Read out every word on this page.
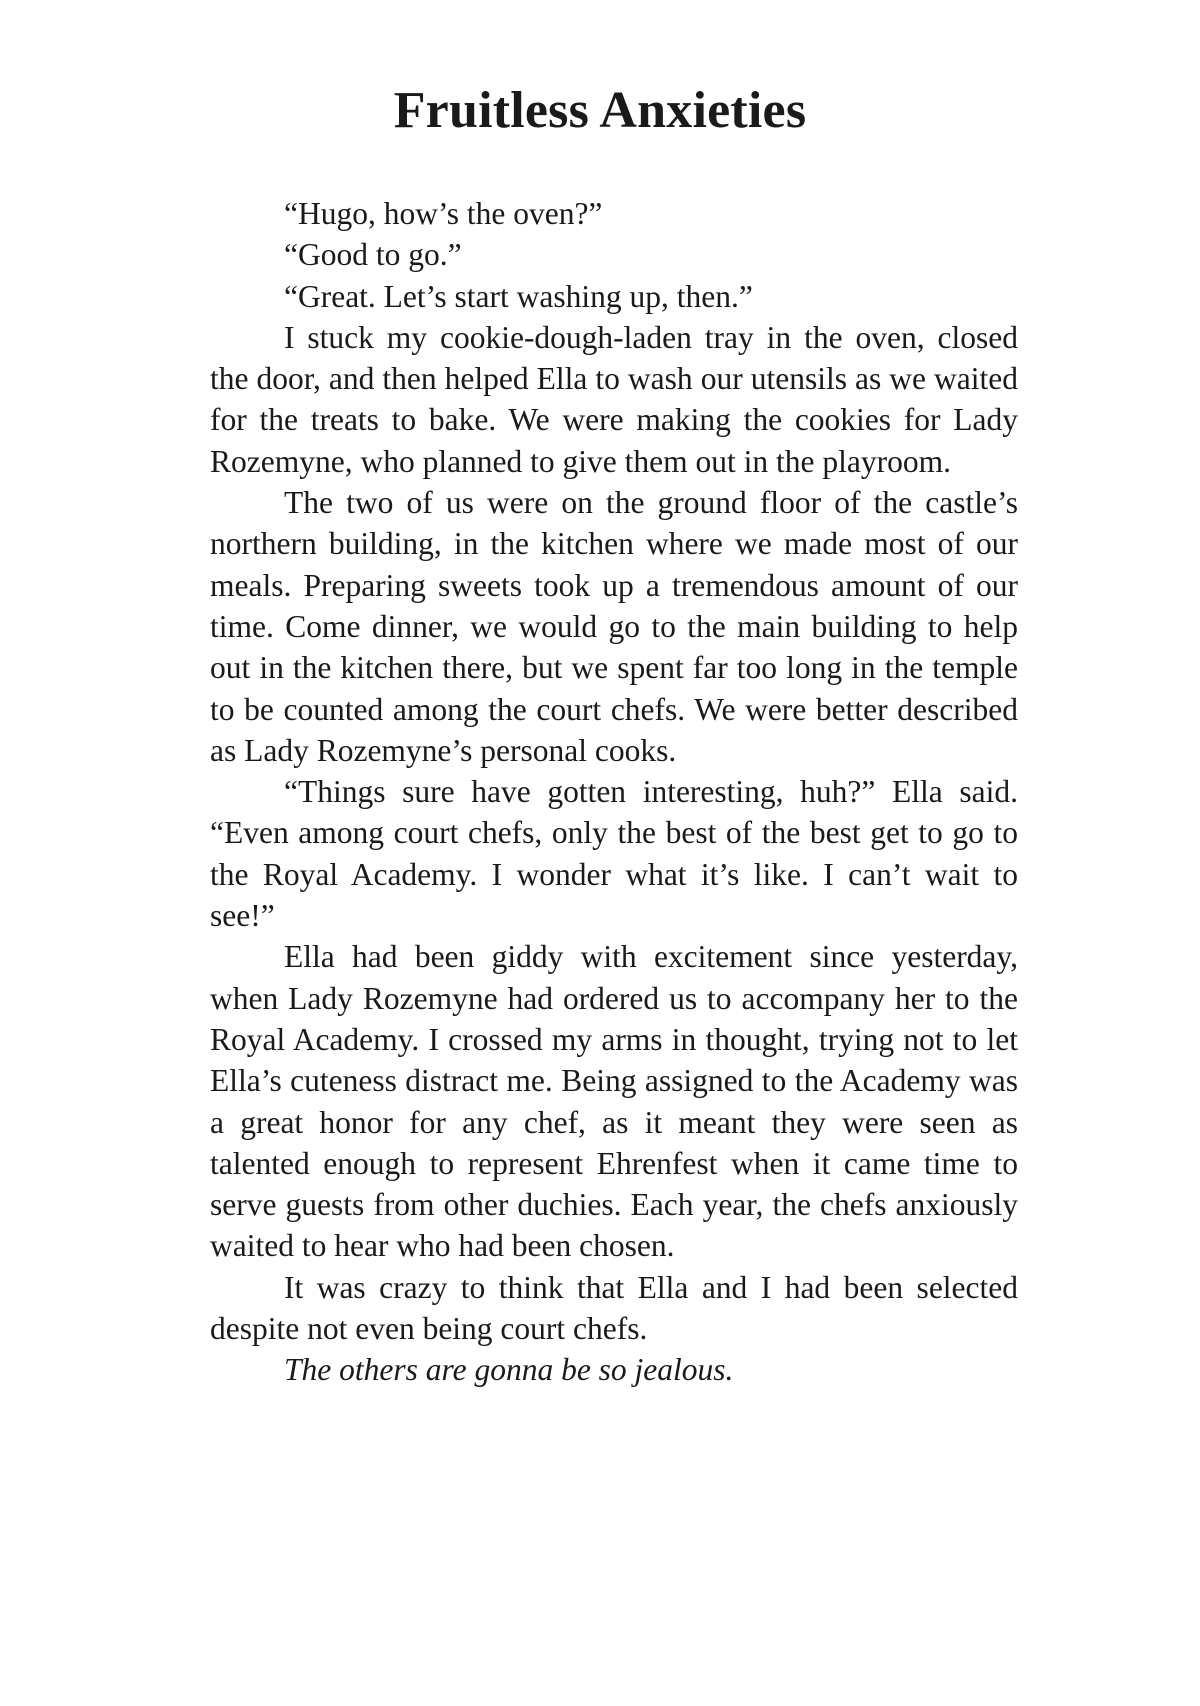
Fruitless Anxieties

“Hugo, how’s the oven?”

“Good to go.”

“Great. Let’s start washing up, then.”

I stuck my cookie-dough-laden tray in the oven, closed the door, and then helped Ella to wash our utensils as we waited for the treats to bake. We were making the cookies for Lady Rozemyne, who planned to give them out in the playroom.

The two of us were on the ground floor of the castle’s northern building, in the kitchen where we made most of our meals. Preparing sweets took up a tremendous amount of our time. Come dinner, we would go to the main building to help out in the kitchen there, but we spent far too long in the temple to be counted among the court chefs. We were better described as Lady Rozemyne’s personal cooks.

“Things sure have gotten interesting, huh?” Ella said. “Even among court chefs, only the best of the best get to go to the Royal Academy. I wonder what it’s like. I can’t wait to see!”

Ella had been giddy with excitement since yesterday, when Lady Rozemyne had ordered us to accompany her to the Royal Academy. I crossed my arms in thought, trying not to let Ella’s cuteness distract me. Being assigned to the Academy was a great honor for any chef, as it meant they were seen as talented enough to represent Ehrenfest when it came time to serve guests from other duchies. Each year, the chefs anxiously waited to hear who had been chosen.

It was crazy to think that Ella and I had been selected despite not even being court chefs.

The others are gonna be so jealous.
